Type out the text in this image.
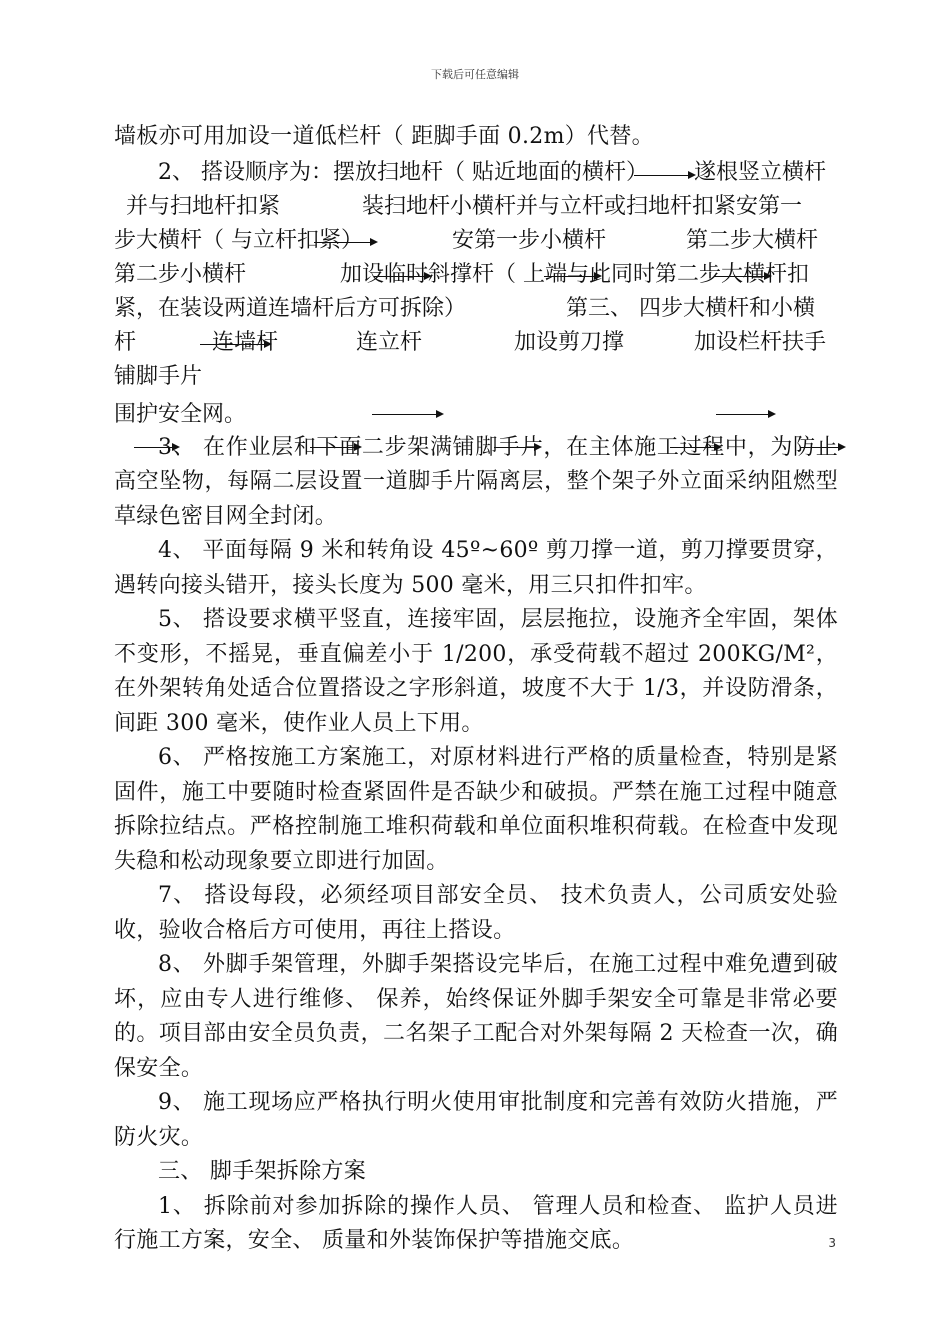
下载后可任意编辑

墙板亦可用加设一道低栏杆（ 距脚手面 0.2m）代替。

2、 搭设顺序为：摆放扫地杆（ 贴近地面的横杆） 遂根竖立横杆
并与扫地杆扣紧	装扫地杆小横杆并与立杆或扫地杆扣紧安第一
步大横杆（ 与立杆扣紧）	安第一步小横杆	第二步大横杆
第二步小横杆	加设临时斜撑杆（ 上端与此同时第二步大横杆扣
紧，在装设两道连墙杆后方可拆除）	第三、 四步大横杆和小横
杆	连墙杆	连立杆	加设剪刀撑	加设栏杆扶手
铺脚手片
围护安全网。

3、 在作业层和下面二步架满铺脚手片，在主体施工过程中，为防止高空坠物，每隔二层设置一道脚手片隔离层，整个架子外立面采纳阻燃型草绿色密目网全封闭。

4、 平面每隔 9 米和转角设 45º~60º 剪刀撑一道，剪刀撑要贯穿，遇转向接头错开，接头长度为 500 毫米，用三只扣件扣牢。

5、 搭设要求横平竖直，连接牢固，层层拖拉，设施齐全牢固，架体不变形，不摇晃，垂直偏差小于 1/200，承受荷载不超过 200KG/M²，在外架转角处适合位置搭设之字形斜道，坡度不大于 1/3，并设防滑条，间距 300 毫米，使作业人员上下用。

6、 严格按施工方案施工，对原材料进行严格的质量检查，特别是紧固件，施工中要随时检查紧固件是否缺少和破损。严禁在施工过程中随意拆除拉结点。严格控制施工堆积荷载和单位面积堆积荷载。在检查中发现失稳和松动现象要立即进行加固。

7、 搭设每段，必须经项目部安全员、 技术负责人，公司质安处验收，验收合格后方可使用，再往上搭设。

8、 外脚手架管理，外脚手架搭设完毕后，在施工过程中难免遭到破坏，应由专人进行维修、 保养，始终保证外脚手架安全可靠是非常必要的。项目部由安全员负责，二名架子工配合对外架每隔 2 天检查一次，确保安全。

9、 施工现场应严格执行明火使用审批制度和完善有效防火措施，严防火灾。

三、 脚手架拆除方案

1、 拆除前对参加拆除的操作人员、 管理人员和检查、 监护人员进行施工方案，安全、 质量和外装饰保护等措施交底。	3
